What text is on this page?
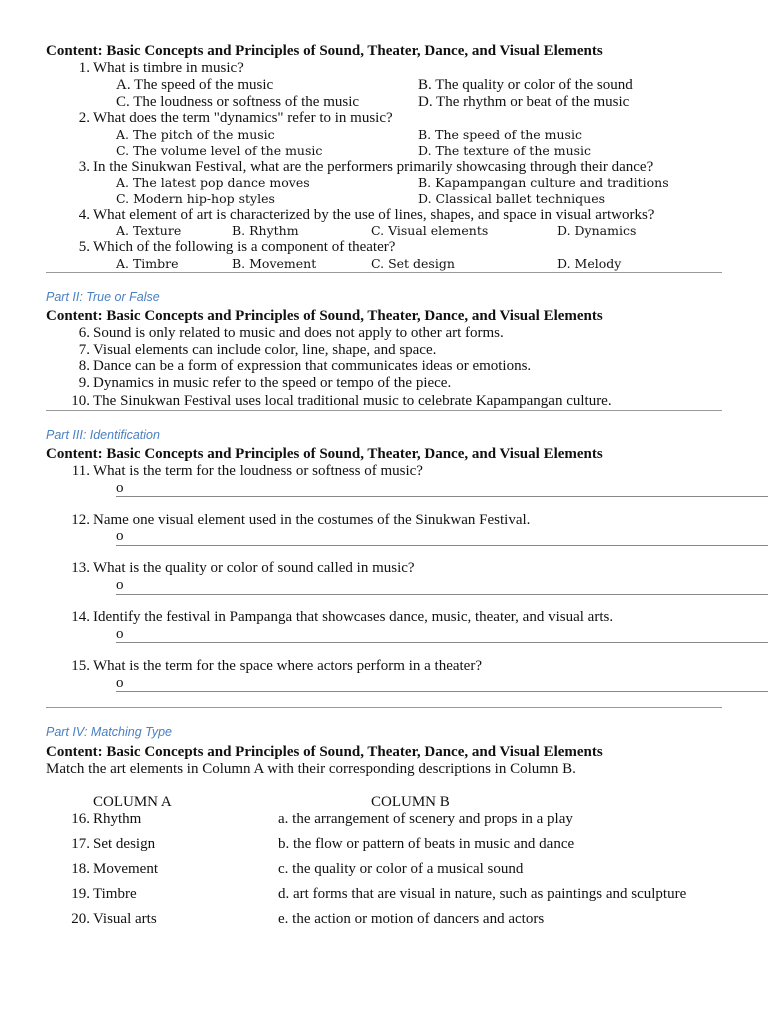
Content: Basic Concepts and Principles of Sound, Theater, Dance, and Visual Elements
1. What is timbre in music?
A. The speed of the music	B. The quality or color of the sound
C. The loudness or softness of the music	D. The rhythm or beat of the music
2. What does the term "dynamics" refer to in music?
A. The pitch of the music	B. The speed of the music
C. The volume level of the music	D. The texture of the music
3. In the Sinukwan Festival, what are the performers primarily showcasing through their dance?
A. The latest pop dance moves	B. Kapampangan culture and traditions
C. Modern hip-hop styles	D. Classical ballet techniques
4. What element of art is characterized by the use of lines, shapes, and space in visual artworks?
A. Texture	B. Rhythm	C. Visual elements	D. Dynamics
5. Which of the following is a component of theater?
A. Timbre	B. Movement	C. Set design	D. Melody
Part II: True or False
Content: Basic Concepts and Principles of Sound, Theater, Dance, and Visual Elements
6. Sound is only related to music and does not apply to other art forms.
7. Visual elements can include color, line, shape, and space.
8. Dance can be a form of expression that communicates ideas or emotions.
9. Dynamics in music refer to the speed or tempo of the piece.
10. The Sinukwan Festival uses local traditional music to celebrate Kapampangan culture.
Part III: Identification
Content: Basic Concepts and Principles of Sound, Theater, Dance, and Visual Elements
11. What is the term for the loudness or softness of music?
o
12. Name one visual element used in the costumes of the Sinukwan Festival.
o
13. What is the quality or color of sound called in music?
o
14. Identify the festival in Pampanga that showcases dance, music, theater, and visual arts.
o
15. What is the term for the space where actors perform in a theater?
o
Part IV: Matching Type
Content: Basic Concepts and Principles of Sound, Theater, Dance, and Visual Elements
Match the art elements in Column A with their corresponding descriptions in Column B.
COLUMN A	COLUMN B
16. Rhythm	a. the arrangement of scenery and props in a play
17. Set design	b. the flow or pattern of beats in music and dance
18. Movement	c. the quality or color of a musical sound
19. Timbre	d. art forms that are visual in nature, such as paintings and sculpture
20. Visual arts	e. the action or motion of dancers and actors
